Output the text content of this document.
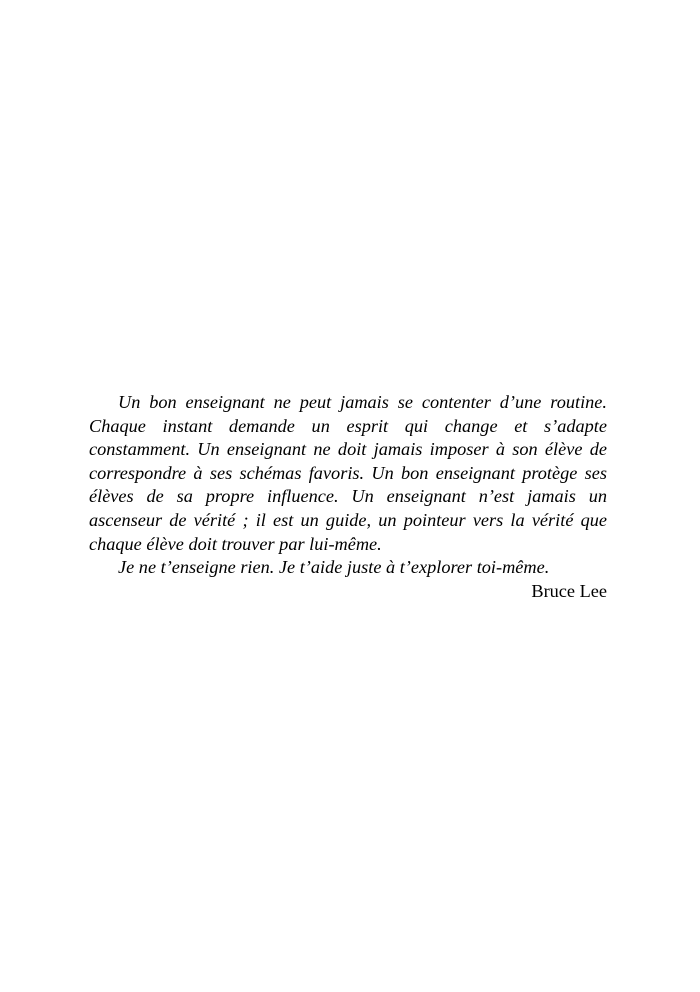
Un bon enseignant ne peut jamais se contenter d’une routine. Chaque instant demande un esprit qui change et s’adapte constamment. Un enseignant ne doit jamais imposer à son élève de correspondre à ses schémas favoris. Un bon enseignant protège ses élèves de sa propre influence. Un enseignant n’est jamais un ascenseur de vérité ; il est un guide, un pointeur vers la vérité que chaque élève doit trouver par lui-même.

Je ne t’enseigne rien. Je t’aide juste à t’explorer toi-même.

Bruce Lee
